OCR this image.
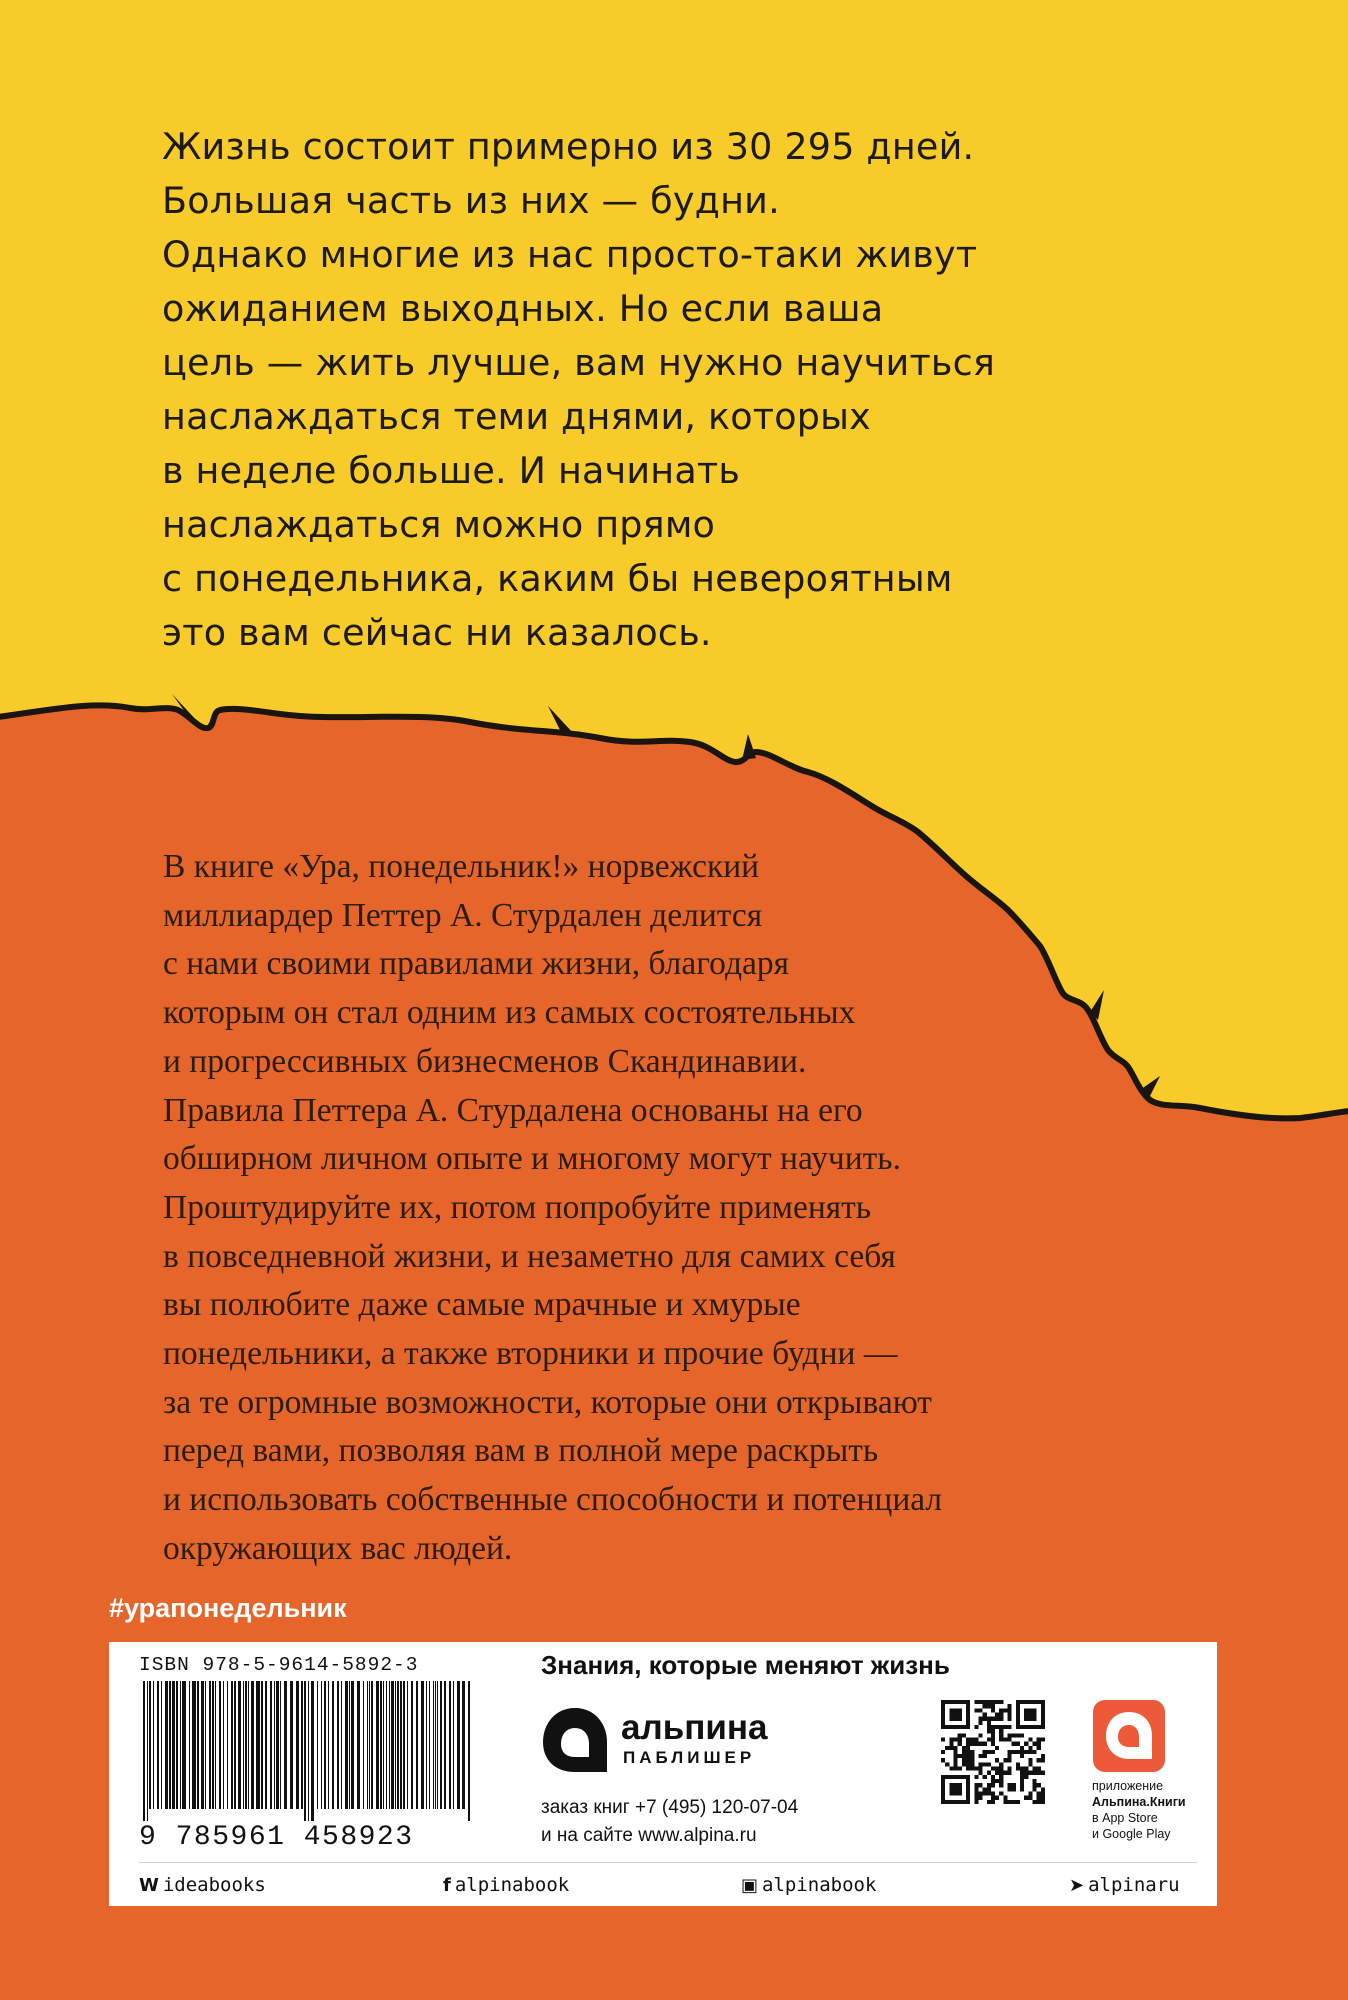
Жизнь состоит примерно из 30 295 дней.
Большая часть из них — будни.
Однако многие из нас просто-таки живут
ожиданием выходных. Но если ваша
цель — жить лучше, вам нужно научиться
наслаждаться теми днями, которых
в неделе больше. И начинать
наслаждаться можно прямо
с понедельника, каким бы невероятным
это вам сейчас ни казалось.
В книге «Ура, понедельник!» норвежский
миллиардер Петтер А. Стурдален делится
с нами своими правилами жизни, благодаря
которым он стал одним из самых состоятельных
и прогрессивных бизнесменов Скандинавии.
Правила Петтера А. Стурдалена основаны на его
обширном личном опыте и многому могут научить.
Проштудируйте их, потом попробуйте применять
в повседневной жизни, и незаметно для самих себя
вы полюбите даже самые мрачные и хмурые
понедельники, а также вторники и прочие будни —
за те огромные возможности, которые они открывают
перед вами, позволяя вам в полной мере раскрыть
и использовать собственные способности и потенциал
окружающих вас людей.
#урапонедельник
ISBN 978-5-9614-5892-3
9 785961 458923
Знания, которые меняют жизнь
альпина
ПАБЛИШЕР
заказ книг +7 (495) 120-07-04
и на сайте www.alpina.ru
приложение
Альпина.Книги
в App Store
и Google Play
W ideabooks	f alpinabook	▣ alpinabook	➤ alpinaru
